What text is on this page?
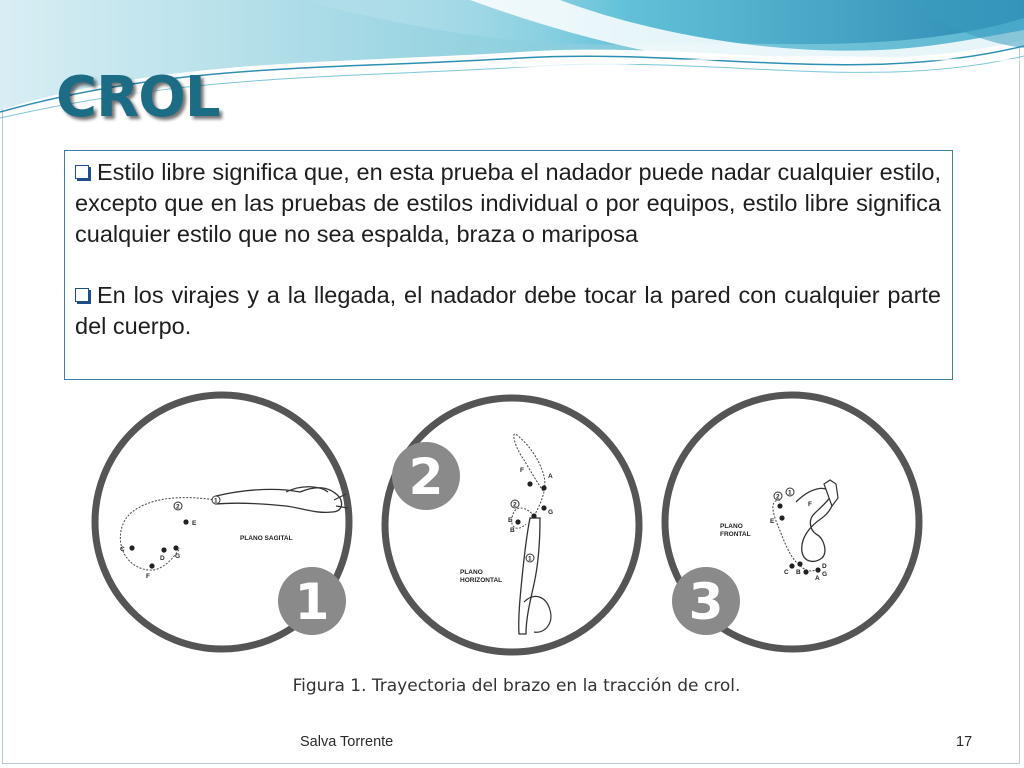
CROL

Estilo libre significa que, en esta prueba el nadador puede nadar cualquier estilo, excepto que en las pruebas de estilos individual o por equipos, estilo libre significa cualquier estilo que no sea espalda, braza o mariposa

En los virajes y a la llegada, el nadador debe tocar la pared con cualquier parte del cuerpo.

1
2
E
C
D G
F
PLANO SAGITAL
1
2	2
1
F
A
G
E
B
PLANO
HORIZONTAL	3
2
1
E
G
F
C B
D
A
PLANO
FRONTAL
Figura 1. Trayectoria del brazo en la tracción de crol.
Salva Torrente	17
